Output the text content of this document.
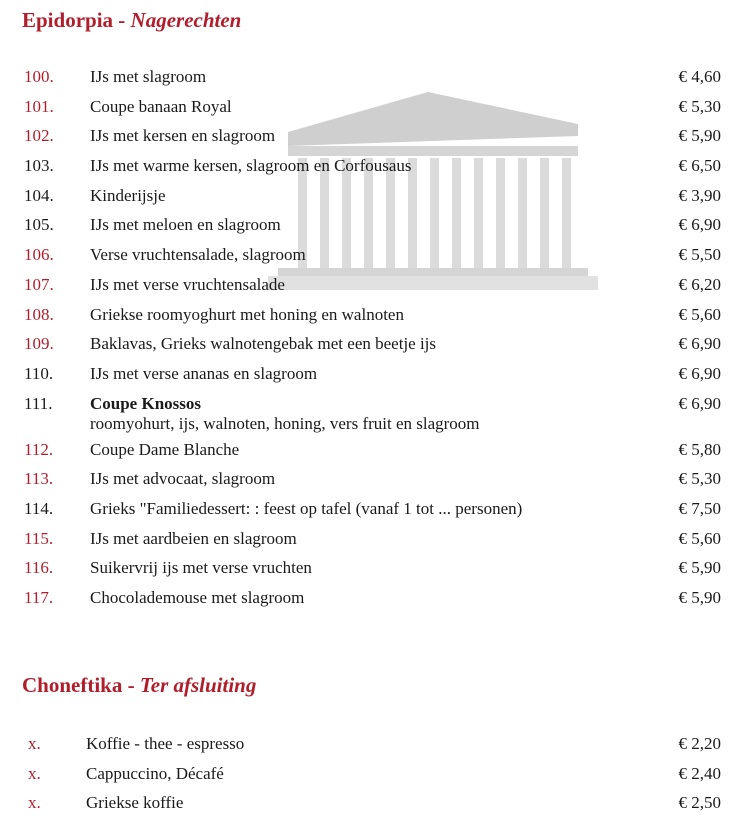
Epidorpia - Nagerechten
100. IJs met slagroom	€ 4,60
101. Coupe banaan Royal	€ 5,30
102. IJs met kersen en slagroom	€ 5,90
103. IJs met warme kersen, slagroom en Corfousaus	€ 6,50
104. Kinderijsje	€ 3,90
105. IJs met meloen en slagroom	€ 6,90
106. Verse vruchtensalade, slagroom	€ 5,50
107. IJs met verse vruchtensalade	€ 6,20
108. Griekse roomyoghurt met honing en walnoten	€ 5,60
109. Baklavas, Grieks walnotengebak met een beetje ijs	€ 6,90
110. IJs met verse ananas en slagroom	€ 6,90
111. Coupe Knossos
roomyohurt, ijs, walnoten, honing, vers fruit en slagroom
€ 6,90
112. Coupe Dame Blanche	€ 5,80
113. IJs met advocaat, slagroom	€ 5,30
114. Grieks "Familiedessert: : feest op tafel (vanaf 1 tot ... personen)	€ 7,50
115. IJs met aardbeien en slagroom	€ 5,60
116. Suikervrij ijs met verse vruchten	€ 5,90
117. Chocolademouse met slagroom	€ 5,90
Choneftika - Ter afsluiting
x.	Koffie - thee - espresso	€ 2,20
x.	Cappuccino, Décafé	€ 2,40
x.	Griekse koffie	€ 2,50
